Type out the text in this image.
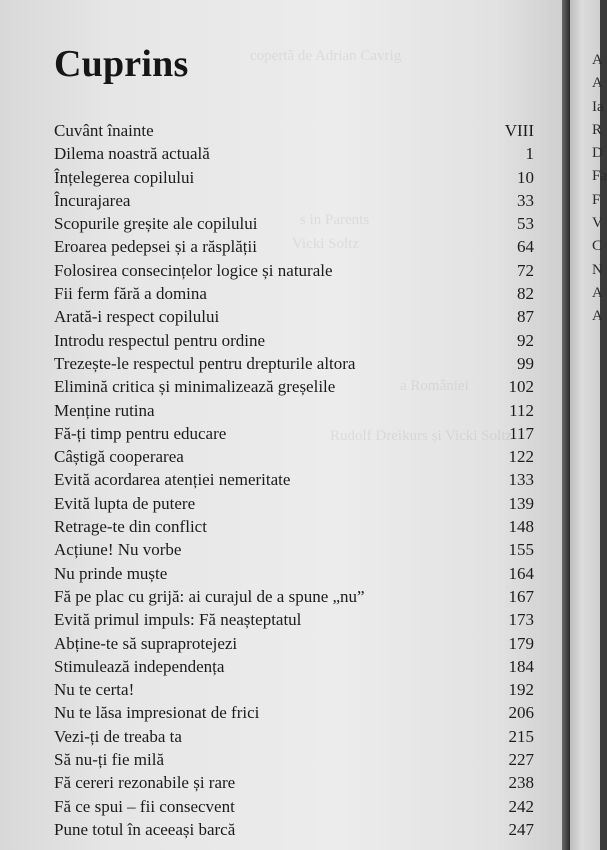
copertă de Adrian Cavrig
s in Parents
Vicki Soltz
a României
Rudolf Dreikurs și Vicki Soltz
Cuprins
Cuvânt înainte	VIII
Dilema noastră actuală	1
Înțelegerea copilului	10
Încurajarea	33
Scopurile greșite ale copilului	53
Eroarea pedepsei și a răsplății	64
Folosirea consecințelor logice și naturale	72
Fii ferm fără a domina	82
Arată-i respect copilului	87
Introdu respectul pentru ordine	92
Trezește-le respectul pentru drepturile altora	99
Elimină critica și minimalizează greșelile	102
Menține rutina	112
Fă-ți timp pentru educare	117
Câștigă cooperarea	122
Evită acordarea atenției nemeritate	133
Evită lupta de putere	139
Retrage-te din conflict	148
Acțiune! Nu vorbe	155
Nu prinde muște	164
Fă pe plac cu grijă: ai curajul de a spune „nu”	167
Evită primul impuls: Fă neașteptatul	173
Abține-te să supraprotejezi	179
Stimulează independența	184
Nu te certa!	192
Nu te lăsa impresionat de frici	206
Vezi-ți de treaba ta	215
Să nu-ți fie milă	227
Fă cereri rezonabile și rare	238
Fă ce spui – fii consecvent	242
Pune totul în aceeași barcă	247
A
A
Ia
R
D
Fa
F
V
C
N
A
A
